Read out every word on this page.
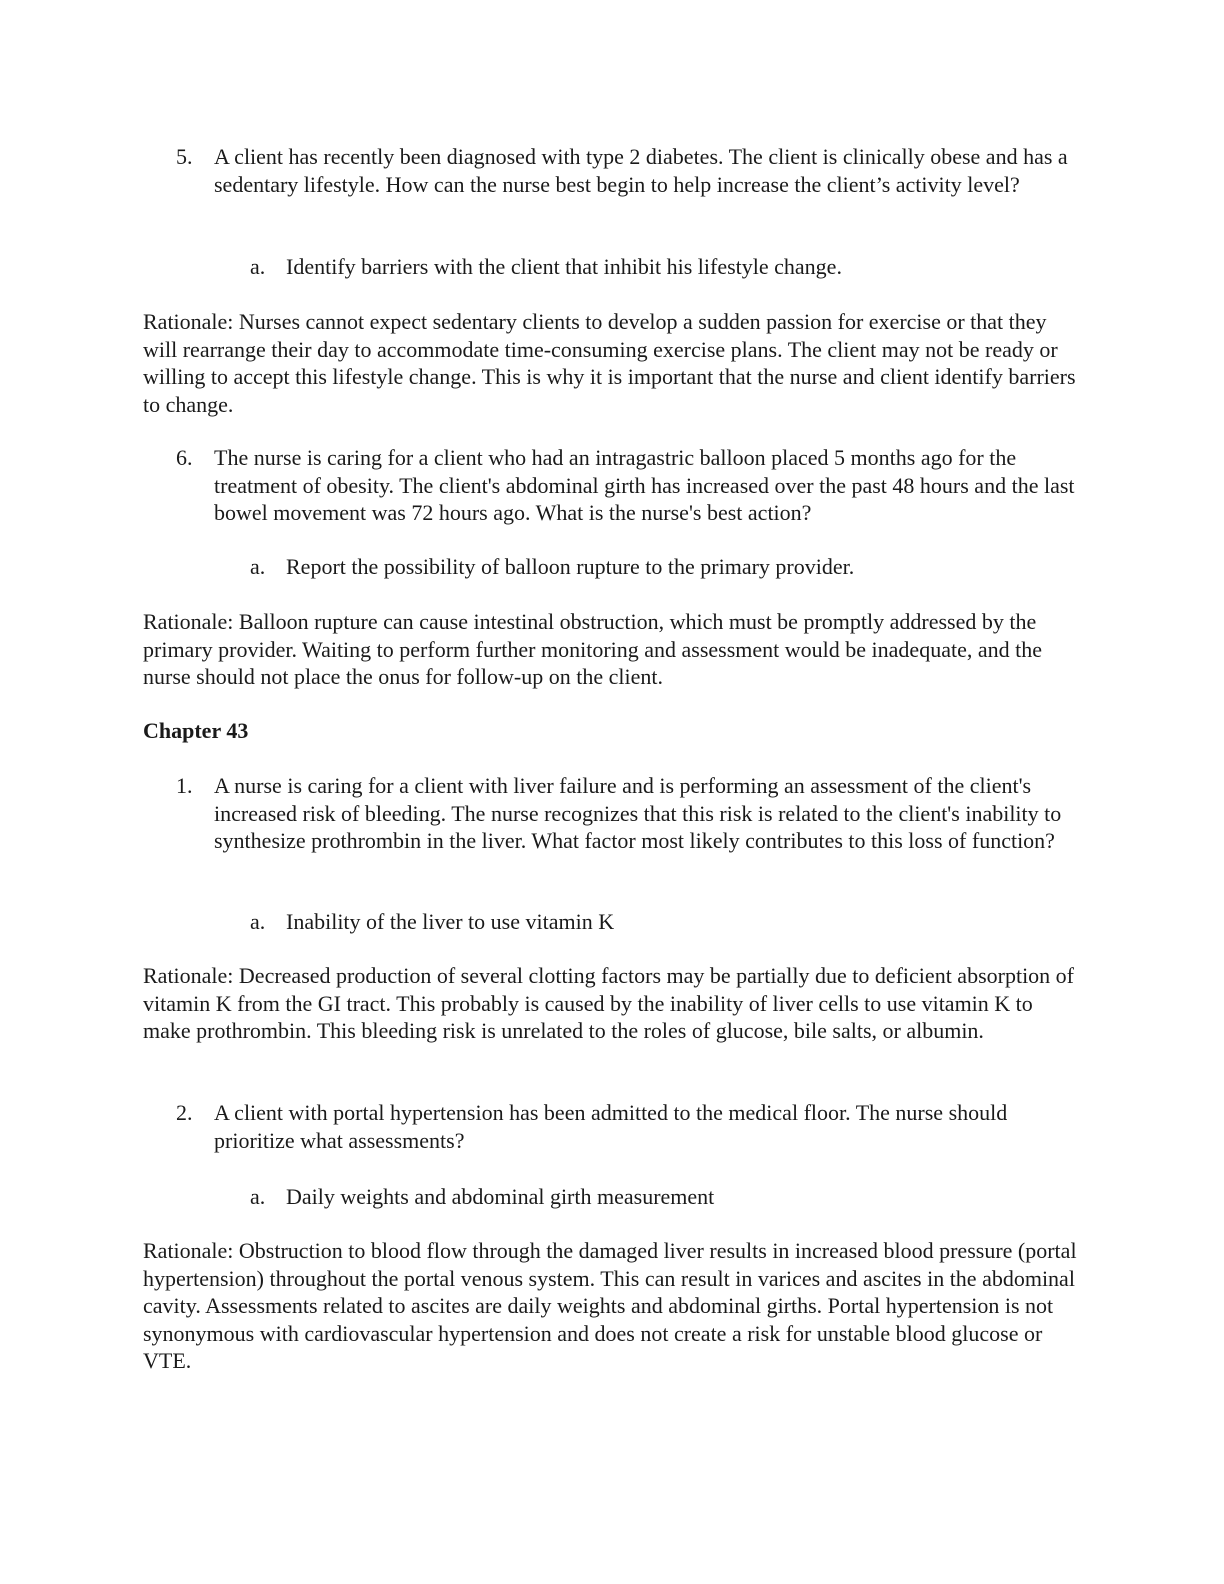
5. A client has recently been diagnosed with type 2 diabetes. The client is clinically obese and has a sedentary lifestyle. How can the nurse best begin to help increase the client’s activity level?
a. Identify barriers with the client that inhibit his lifestyle change.

Rationale: Nurses cannot expect sedentary clients to develop a sudden passion for exercise or that they will rearrange their day to accommodate time-consuming exercise plans. The client may not be ready or willing to accept this lifestyle change. This is why it is important that the nurse and client identify barriers to change.

6. The nurse is caring for a client who had an intragastric balloon placed 5 months ago for the treatment of obesity. The client's abdominal girth has increased over the past 48 hours and the last bowel movement was 72 hours ago. What is the nurse's best action?
a. Report the possibility of balloon rupture to the primary provider.

Rationale: Balloon rupture can cause intestinal obstruction, which must be promptly addressed by the primary provider. Waiting to perform further monitoring and assessment would be inadequate, and the nurse should not place the onus for follow-up on the client.

Chapter 43
1. A nurse is caring for a client with liver failure and is performing an assessment of the client's increased risk of bleeding. The nurse recognizes that this risk is related to the client's inability to synthesize prothrombin in the liver. What factor most likely contributes to this loss of function?
a. Inability of the liver to use vitamin K

Rationale: Decreased production of several clotting factors may be partially due to deficient absorption of vitamin K from the GI tract. This probably is caused by the inability of liver cells to use vitamin K to make prothrombin. This bleeding risk is unrelated to the roles of glucose, bile salts, or albumin.

2. A client with portal hypertension has been admitted to the medical floor. The nurse should prioritize what assessments?
a. Daily weights and abdominal girth measurement

Rationale: Obstruction to blood flow through the damaged liver results in increased blood pressure (portal hypertension) throughout the portal venous system. This can result in varices and ascites in the abdominal cavity. Assessments related to ascites are daily weights and abdominal girths. Portal hypertension is not synonymous with cardiovascular hypertension and does not create a risk for unstable blood glucose or VTE.
